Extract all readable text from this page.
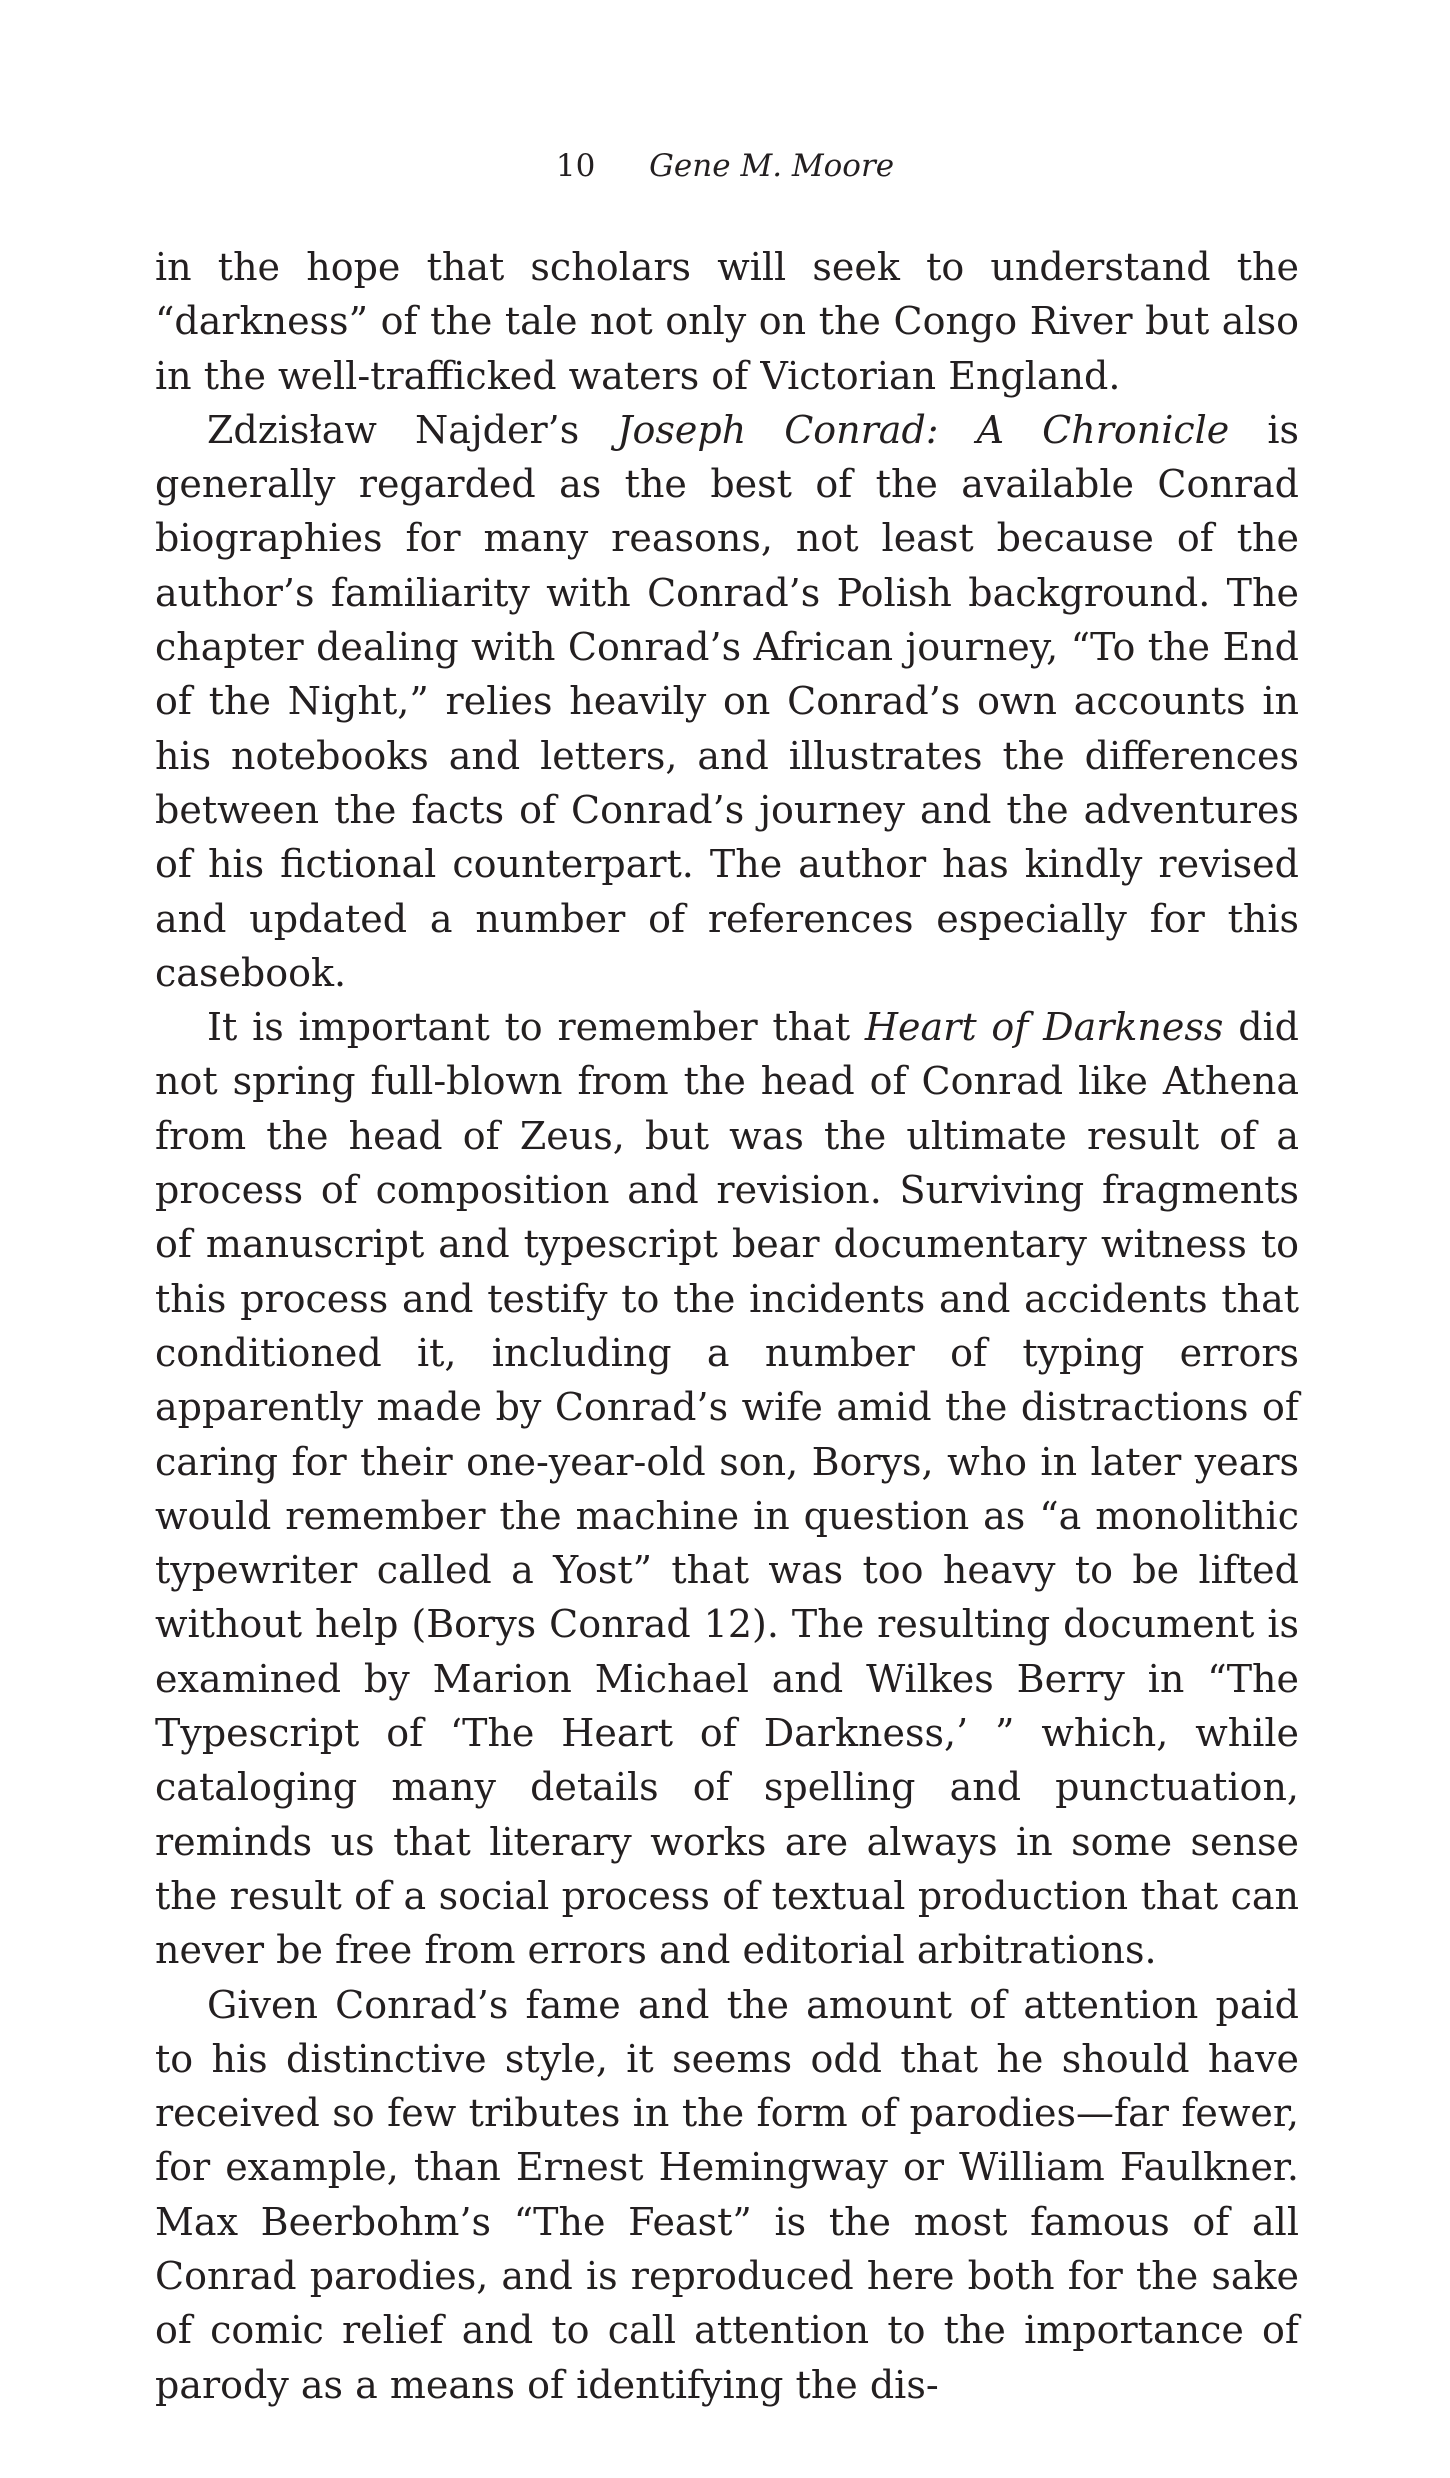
10 Gene M. Moore

in the hope that scholars will seek to understand the “darkness” of the tale not only on the Congo River but also in the well-trafficked waters of Victorian England.

Zdzisław Najder’s Joseph Conrad: A Chronicle is generally regarded as the best of the available Conrad biographies for many reasons, not least because of the author’s familiarity with Conrad’s Polish background. The chapter dealing with Conrad’s African journey, “To the End of the Night,” relies heavily on Conrad’s own accounts in his notebooks and letters, and illustrates the differences between the facts of Conrad’s journey and the adventures of his fictional counterpart. The author has kindly revised and updated a number of references especially for this casebook.

It is important to remember that Heart of Darkness did not spring full-blown from the head of Conrad like Athena from the head of Zeus, but was the ultimate result of a process of composition and revision. Surviving fragments of manuscript and typescript bear documentary witness to this process and testify to the incidents and accidents that conditioned it, including a number of typing errors apparently made by Conrad’s wife amid the distractions of caring for their one-year-old son, Borys, who in later years would remember the machine in question as “a monolithic typewriter called a Yost” that was too heavy to be lifted without help (Borys Conrad 12). The resulting document is examined by Marion Michael and Wilkes Berry in “The Typescript of ‘The Heart of Darkness,’ ” which, while cataloging many details of spelling and punctuation, reminds us that literary works are always in some sense the result of a social process of textual production that can never be free from errors and editorial arbitrations.

Given Conrad’s fame and the amount of attention paid to his distinctive style, it seems odd that he should have received so few tributes in the form of parodies—far fewer, for example, than Ernest Hemingway or William Faulkner. Max Beerbohm’s “The Feast” is the most famous of all Conrad parodies, and is reproduced here both for the sake of comic relief and to call attention to the importance of parody as a means of identifying the dis-
